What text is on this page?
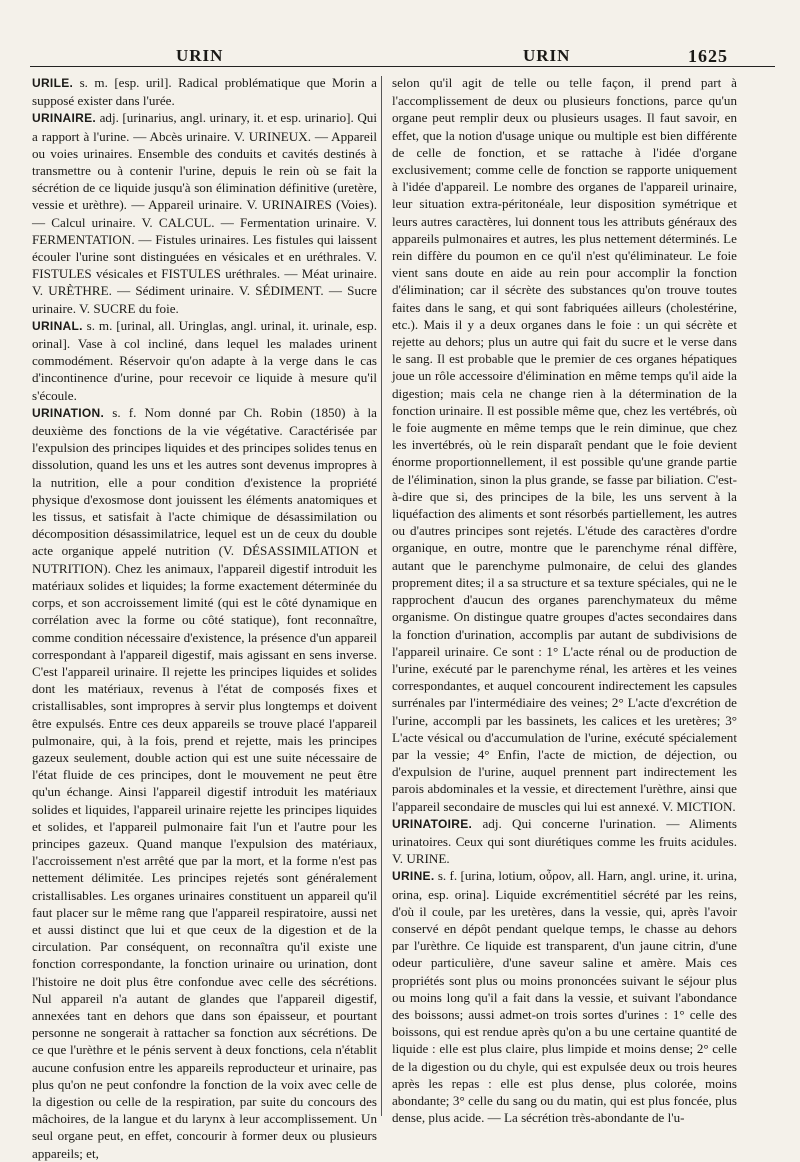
URIN	URIN	1625

URILE. s. m. [esp. uril]. Radical problématique que Morin a supposé exister dans l'urée.

URINAIRE. adj. [urinarius, angl. urinary, it. et esp. urinario]. Qui a rapport à l'urine. — Abcès urinaire. V. URINEUX. — Appareil ou voies urinaires. Ensemble des conduits et cavités destinés à transmettre ou à contenir l'urine, depuis le rein où se fait la sécrétion de ce liquide jusqu'à son élimination définitive (uretère, vessie et urèthre). — Appareil urinaire. V. URINAIRES (Voies). — Calcul urinaire. V. CALCUL. — Fermentation urinaire. V. FERMENTATION. — Fistules urinaires. Les fistules qui laissent écouler l'urine sont distinguées en vésicales et en uréthrales. V. FISTULES vésicales et FISTULES uréthrales. — Méat urinaire. V. URÈTHRE. — Sédiment urinaire. V. SÉDIMENT. — Sucre urinaire. V. SUCRE du foie.

URINAL. s. m. [urinal, all. Uringlas, angl. urinal, it. urinale, esp. orinal]. Vase à col incliné, dans lequel les malades urinent commodément. Réservoir qu'on adapte à la verge dans le cas d'incontinence d'urine, pour recevoir ce liquide à mesure qu'il s'écoule.

URINATION. s. f. Nom donné par Ch. Robin (1850) à la deuxième des fonctions de la vie végétative. Caractérisée par l'expulsion des principes liquides et des principes solides tenus en dissolution, quand les uns et les autres sont devenus impropres à la nutrition, elle a pour condition d'existence la propriété physique d'exosmose dont jouissent les éléments anatomiques et les tissus, et satisfait à l'acte chimique de désassimilation ou décomposition désassimilatrice, lequel est un de ceux du double acte organique appelé nutrition (V. DÉSASSIMILATION et NUTRITION). Chez les animaux, l'appareil digestif introduit les matériaux solides et liquides; la forme exactement déterminée du corps, et son accroissement limité (qui est le côté dynamique en corrélation avec la forme ou côté statique), font reconnaître, comme condition nécessaire d'existence, la présence d'un appareil correspondant à l'appareil digestif, mais agissant en sens inverse. C'est l'appareil urinaire. Il rejette les principes liquides et solides dont les matériaux, revenus à l'état de composés fixes et cristallisables, sont impropres à servir plus longtemps et doivent être expulsés. Entre ces deux appareils se trouve placé l'appareil pulmonaire, qui, à la fois, prend et rejette, mais les principes gazeux seulement, double action qui est une suite nécessaire de l'état fluide de ces principes, dont le mouvement ne peut être qu'un échange. Ainsi l'appareil digestif introduit les matériaux solides et liquides, l'appareil urinaire rejette les principes liquides et solides, et l'appareil pulmonaire fait l'un et l'autre pour les principes gazeux. Quand manque l'expulsion des matériaux, l'accroissement n'est arrêté que par la mort, et la forme n'est pas nettement délimitée. Les principes rejetés sont généralement cristallisables. Les organes urinaires constituent un appareil qu'il faut placer sur le même rang que l'appareil respiratoire, aussi net et aussi distinct que lui et que ceux de la digestion et de la circulation. Par conséquent, on reconnaîtra qu'il existe une fonction correspondante, la fonction urinaire ou urination, dont l'histoire ne doit plus être confondue avec celle des sécrétions. Nul appareil n'a autant de glandes que l'appareil digestif, annexées tant en dehors que dans son épaisseur, et pourtant personne ne songerait à rattacher sa fonction aux sécrétions. De ce que l'urèthre et le pénis servent à deux fonctions, cela n'établit aucune confusion entre les appareils reproducteur et urinaire, pas plus qu'on ne peut confondre la fonction de la voix avec celle de la digestion ou celle de la respiration, par suite du concours des mâchoires, de la langue et du larynx à leur accomplissement. Un seul organe peut, en effet, concourir à former deux ou plusieurs appareils; et,

selon qu'il agit de telle ou telle façon, il prend part à l'accomplissement de deux ou plusieurs fonctions, parce qu'un organe peut remplir deux ou plusieurs usages. Il faut savoir, en effet, que la notion d'usage unique ou multiple est bien différente de celle de fonction, et se rattache à l'idée d'organe exclusivement; comme celle de fonction se rapporte uniquement à l'idée d'appareil. Le nombre des organes de l'appareil urinaire, leur situation extra-péritonéale, leur disposition symétrique et leurs autres caractères, lui donnent tous les attributs généraux des appareils pulmonaires et autres, les plus nettement déterminés. Le rein diffère du poumon en ce qu'il n'est qu'éliminateur. Le foie vient sans doute en aide au rein pour accomplir la fonction d'élimination; car il sécrète des substances qu'on trouve toutes faites dans le sang, et qui sont fabriquées ailleurs (cholestérine, etc.). Mais il y a deux organes dans le foie : un qui sécrète et rejette au dehors; plus un autre qui fait du sucre et le verse dans le sang. Il est probable que le premier de ces organes hépatiques joue un rôle accessoire d'élimination en même temps qu'il aide la digestion; mais cela ne change rien à la détermination de la fonction urinaire. Il est possible même que, chez les vertébrés, où le foie augmente en même temps que le rein diminue, que chez les invertébrés, où le rein disparaît pendant que le foie devient énorme proportionnellement, il est possible qu'une grande partie de l'élimination, sinon la plus grande, se fasse par biliation. C'est-à-dire que si, des principes de la bile, les uns servent à la liquéfaction des aliments et sont résorbés partiellement, les autres ou d'autres principes sont rejetés. L'étude des caractères d'ordre organique, en outre, montre que le parenchyme rénal diffère, autant que le parenchyme pulmonaire, de celui des glandes proprement dites; il a sa structure et sa texture spéciales, qui ne le rapprochent d'aucun des organes parenchymateux du même organisme. On distingue quatre groupes d'actes secondaires dans la fonction d'urination, accomplis par autant de subdivisions de l'appareil urinaire. Ce sont : 1° L'acte rénal ou de production de l'urine, exécuté par le parenchyme rénal, les artères et les veines correspondantes, et auquel concourent indirectement les capsules surrénales par l'intermédiaire des veines; 2° L'acte d'excrétion de l'urine, accompli par les bassinets, les calices et les uretères; 3° L'acte vésical ou d'accumulation de l'urine, exécuté spécialement par la vessie; 4° Enfin, l'acte de miction, de déjection, ou d'expulsion de l'urine, auquel prennent part indirectement les parois abdominales et la vessie, et directement l'urèthre, ainsi que l'appareil secondaire de muscles qui lui est annexé. V. MICTION.

URINATOIRE. adj. Qui concerne l'urination. — Aliments urinatoires. Ceux qui sont diurétiques comme les fruits acidules. V. URINE.

URINE. s. f. [urina, lotium, οὖρον, all. Harn, angl. urine, it. urina, orina, esp. orina]. Liquide excrémentitiel sécrété par les reins, d'où il coule, par les uretères, dans la vessie, qui, après l'avoir conservé en dépôt pendant quelque temps, le chasse au dehors par l'urèthre. Ce liquide est transparent, d'un jaune citrin, d'une odeur particulière, d'une saveur saline et amère. Mais ces propriétés sont plus ou moins prononcées suivant le séjour plus ou moins long qu'il a fait dans la vessie, et suivant l'abondance des boissons; aussi admet-on trois sortes d'urines : 1° celle des boissons, qui est rendue après qu'on a bu une certaine quantité de liquide : elle est plus claire, plus limpide et moins dense; 2° celle de la digestion ou du chyle, qui est expulsée deux ou trois heures après les repas : elle est plus dense, plus colorée, moins abondante; 3° celle du sang ou du matin, qui est plus foncée, plus dense, plus acide. — La sécrétion très-abondante de l'u-
